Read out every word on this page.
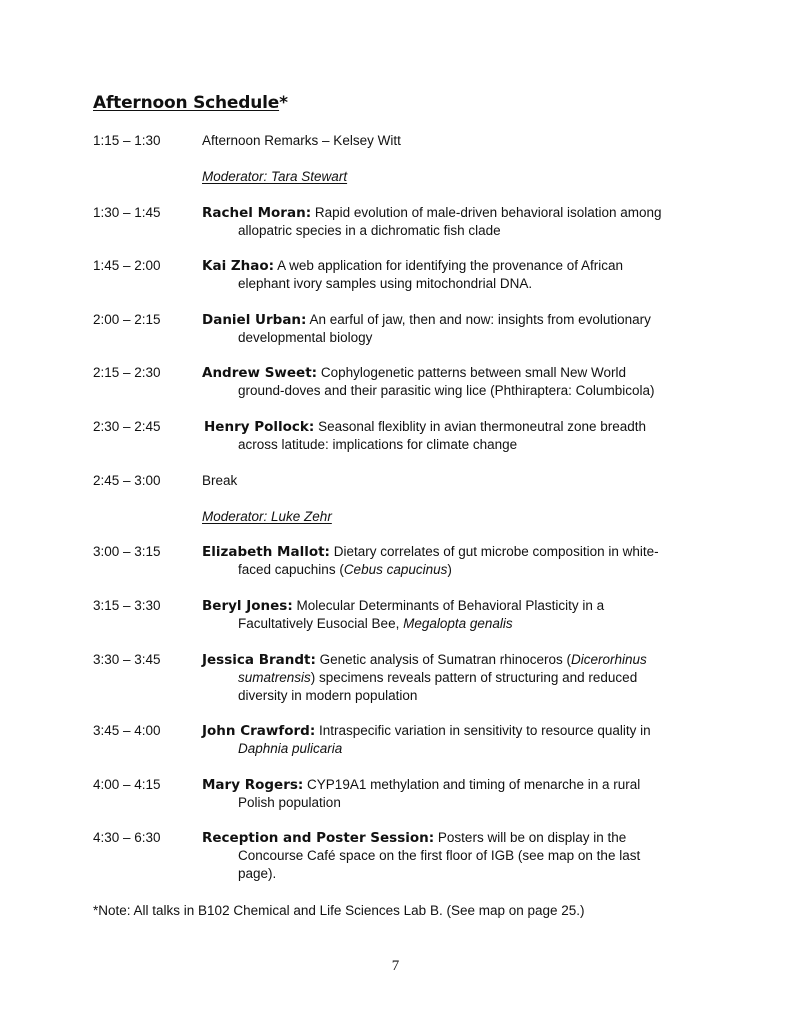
Afternoon Schedule*
1:15 – 1:30	Afternoon Remarks – Kelsey Witt
Moderator: Tara Stewart
1:30 – 1:45	Rachel Moran: Rapid evolution of male-driven behavioral isolation among
allopatric species in a dichromatic fish clade
1:45 – 2:00	Kai Zhao: A web application for identifying the provenance of African
elephant ivory samples using mitochondrial DNA.
2:00 – 2:15	Daniel Urban: An earful of jaw, then and now: insights from evolutionary
developmental biology
2:15 – 2:30	Andrew Sweet: Cophylogenetic patterns between small New World
ground-doves and their parasitic wing lice (Phthiraptera: Columbicola)
2:30 – 2:45	Henry Pollock: Seasonal flexiblity in avian thermoneutral zone breadth
across latitude: implications for climate change
2:45 – 3:00	Break
Moderator: Luke Zehr
3:00 – 3:15	Elizabeth Mallot: Dietary correlates of gut microbe composition in white-
faced capuchins (Cebus capucinus)
3:15 – 3:30	Beryl Jones: Molecular Determinants of Behavioral Plasticity in a
Facultatively Eusocial Bee, Megalopta genalis
3:30 – 3:45	Jessica Brandt: Genetic analysis of Sumatran rhinoceros (Dicerorhinus
sumatrensis) specimens reveals pattern of structuring and reduced
diversity in modern population
3:45 – 4:00	John Crawford: Intraspecific variation in sensitivity to resource quality in
Daphnia pulicaria
4:00 – 4:15	Mary Rogers: CYP19A1 methylation and timing of menarche in a rural
Polish population
4:30 – 6:30	Reception and Poster Session: Posters will be on display in the
Concourse Café space on the first floor of IGB (see map on the last
page).
*Note: All talks in B102 Chemical and Life Sciences Lab B. (See map on page 25.)
7
